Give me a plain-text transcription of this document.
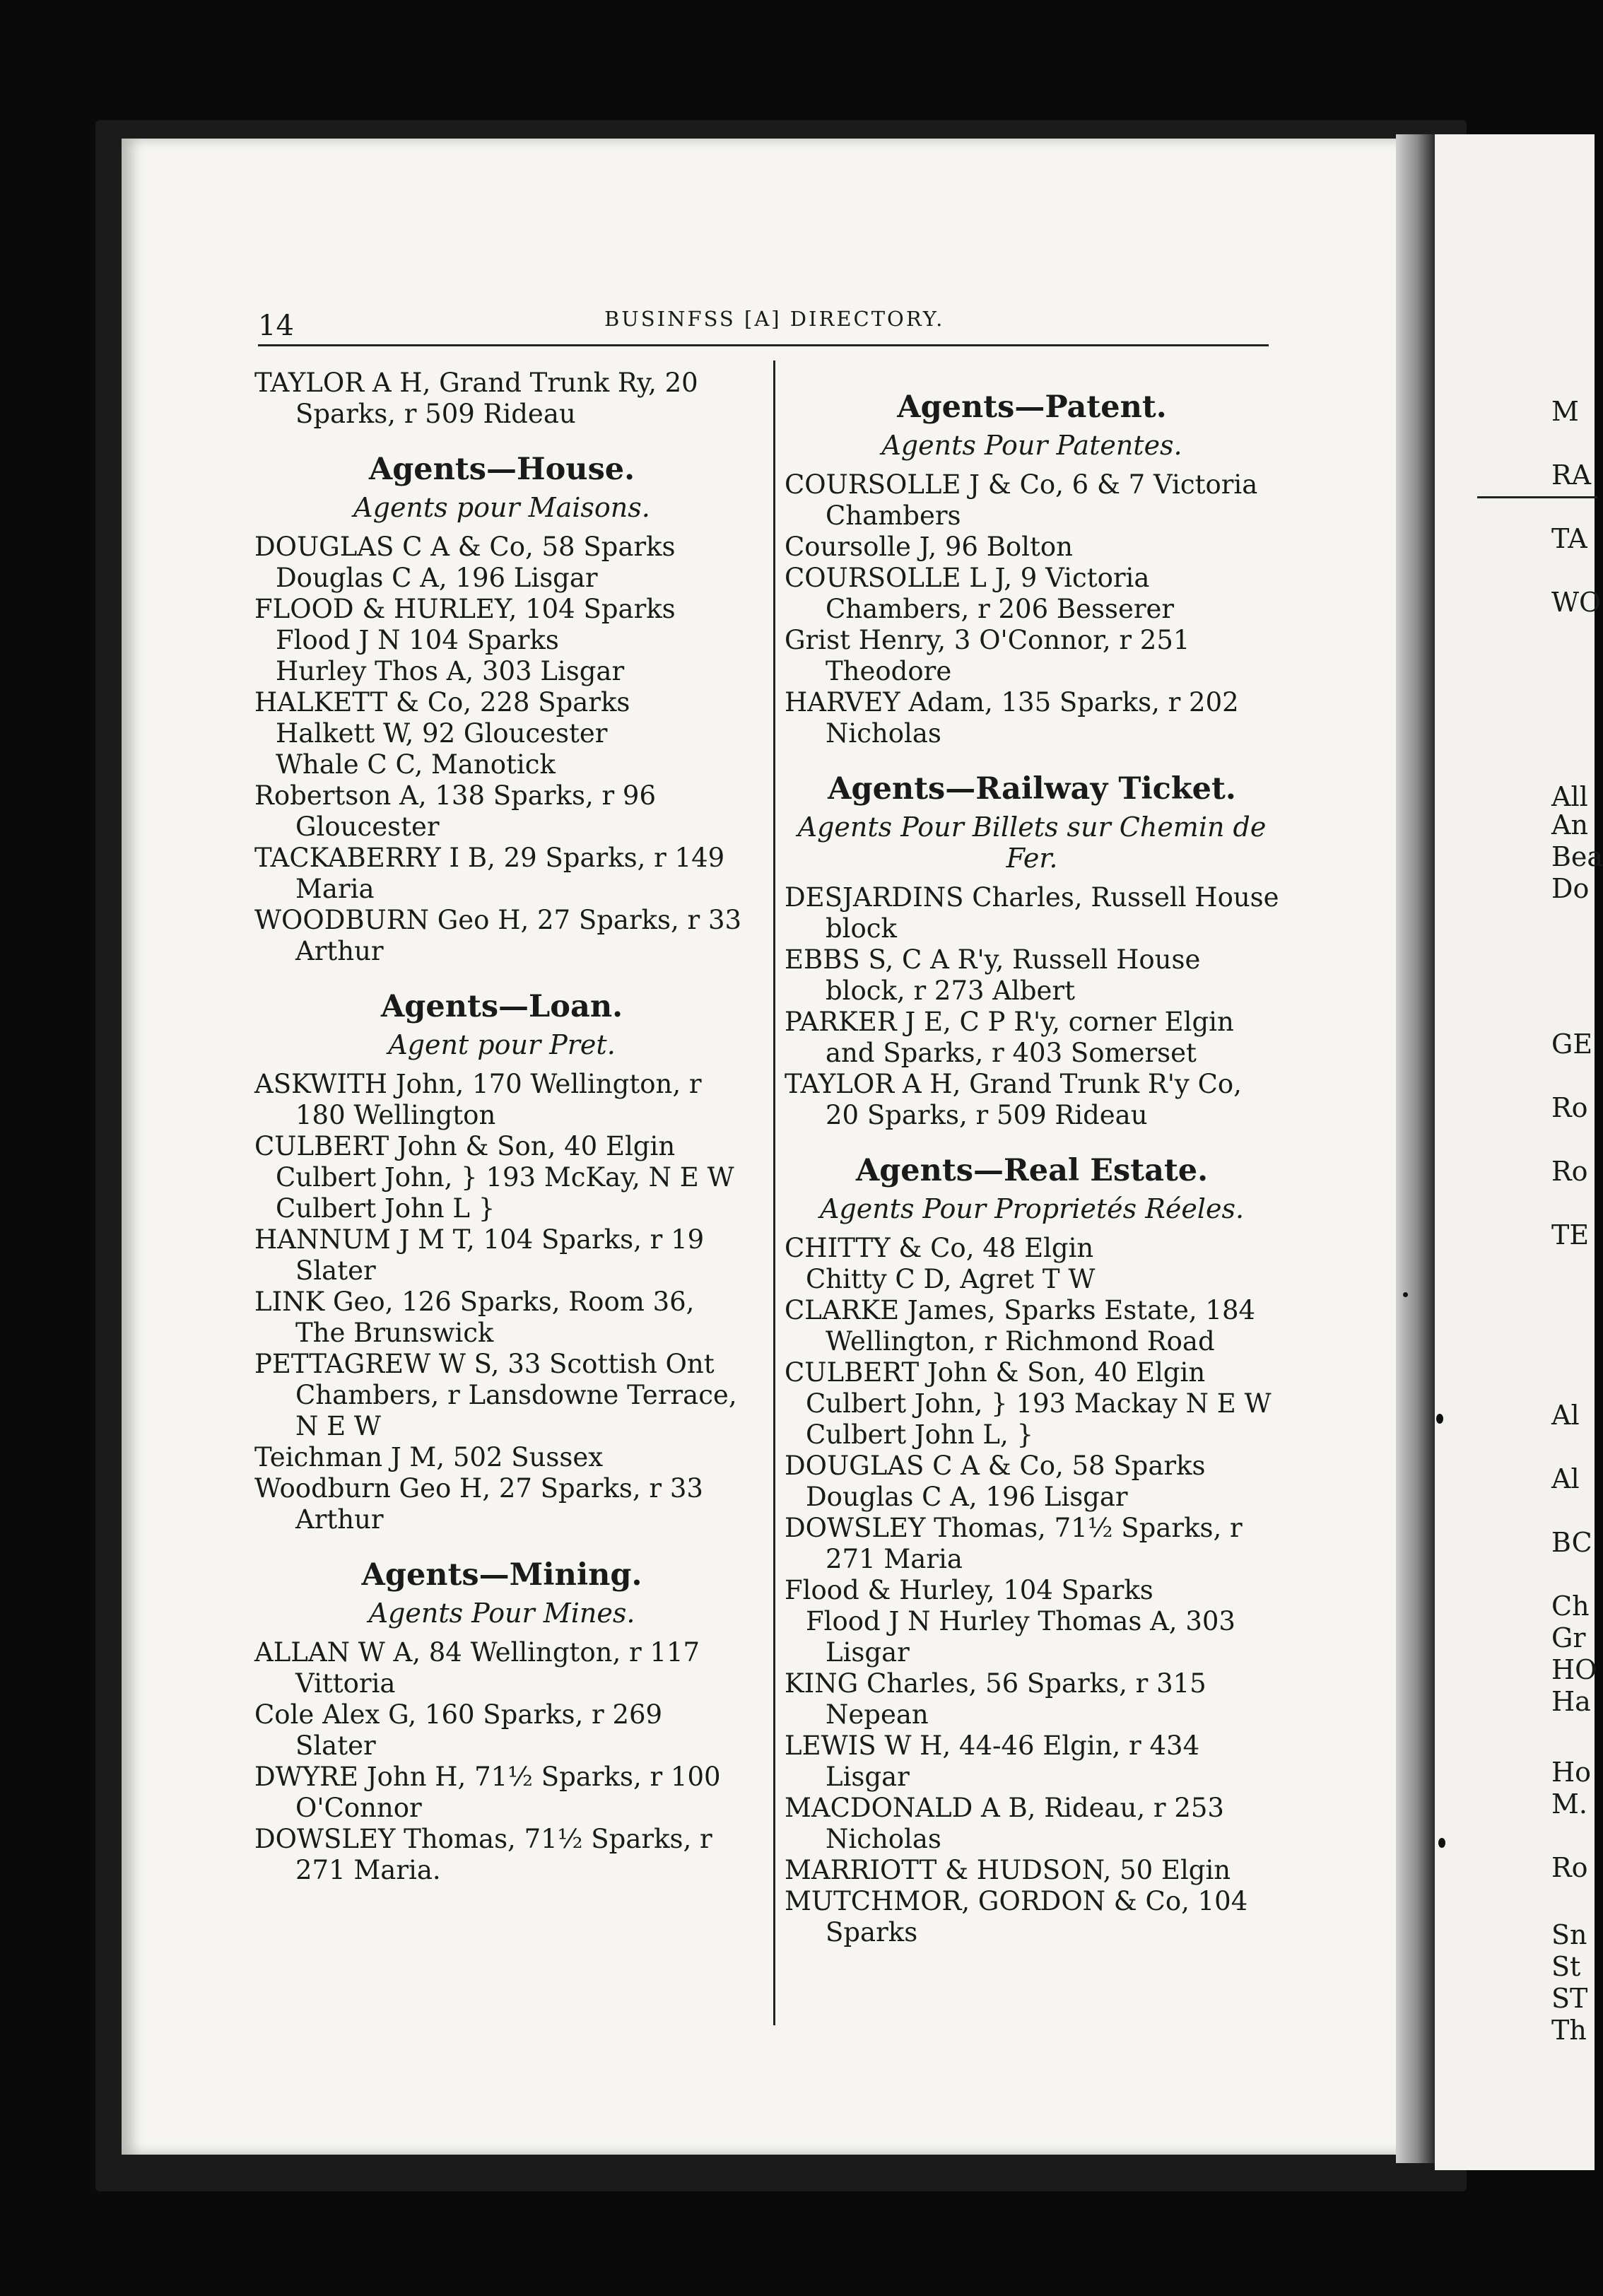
M
RA
TA
WO
All
An
Bea
Do
GE
Ro
Ro
TE
Al
Al
BC
Ch
Gr
HO
Ha
Ho
M.
Ro
Sn
St
ST
Th
14	BUSINFSS [A] DIRECTORY.
TAYLOR A H, Grand Trunk Ry, 20 Sparks, r 509 Rideau
Agents—House.
Agents pour Maisons.
DOUGLAS C A & Co, 58 Sparks
Douglas C A, 196 Lisgar
FLOOD & HURLEY, 104 Sparks
Flood J N 104 Sparks
Hurley Thos A, 303 Lisgar
HALKETT & Co, 228 Sparks
Halkett W, 92 Gloucester
Whale C C, Manotick
Robertson A, 138 Sparks, r 96 Gloucester
TACKABERRY I B, 29 Sparks, r 149 Maria
WOODBURN Geo H, 27 Sparks, r 33 Arthur
Agents—Loan.
Agent pour Pret.
ASKWITH John, 170 Wellington, r 180 Wellington
CULBERT John & Son, 40 Elgin
Culbert John, } 193 McKay, N E W
Culbert John L }
HANNUM J M T, 104 Sparks, r 19 Slater
LINK Geo, 126 Sparks, Room 36, The Brunswick
PETTAGREW W S, 33 Scottish Ont Chambers, r Lansdowne Terrace, N E W
Teichman J M, 502 Sussex
Woodburn Geo H, 27 Sparks, r 33 Arthur
Agents—Mining.
Agents Pour Mines.
ALLAN W A, 84 Wellington, r 117 Vittoria
Cole Alex G, 160 Sparks, r 269 Slater
DWYRE John H, 71½ Sparks, r 100 O'Connor
DOWSLEY Thomas, 71½ Sparks, r 271 Maria.
Agents—Patent.
Agents Pour Patentes.
COURSOLLE J & Co, 6 & 7 Victoria Chambers
Coursolle J, 96 Bolton
COURSOLLE L J, 9 Victoria Chambers, r 206 Besserer
Grist Henry, 3 O'Connor, r 251 Theodore
HARVEY Adam, 135 Sparks, r 202 Nicholas
Agents—Railway Ticket.
Agents Pour Billets sur Chemin de Fer.
DESJARDINS Charles, Russell House block
EBBS S, C A R'y, Russell House block, r 273 Albert
PARKER J E, C P R'y, corner Elgin and Sparks, r 403 Somerset
TAYLOR A H, Grand Trunk R'y Co, 20 Sparks, r 509 Rideau
Agents—Real Estate.
Agents Pour Proprietés Réeles.
CHITTY & Co, 48 Elgin
Chitty C D, Agret T W
CLARKE James, Sparks Estate, 184 Wellington, r Richmond Road
CULBERT John & Son, 40 Elgin
Culbert John, } 193 Mackay N E W
Culbert John L, }
DOUGLAS C A & Co, 58 Sparks
Douglas C A, 196 Lisgar
DOWSLEY Thomas, 71½ Sparks, r 271 Maria
Flood & Hurley, 104 Sparks
Flood J N Hurley Thomas A, 303 Lisgar
KING Charles, 56 Sparks, r 315 Nepean
LEWIS W H, 44-46 Elgin, r 434 Lisgar
MACDONALD A B, Rideau, r 253 Nicholas
MARRIOTT & HUDSON, 50 Elgin
MUTCHMOR, GORDON & Co, 104 Sparks
